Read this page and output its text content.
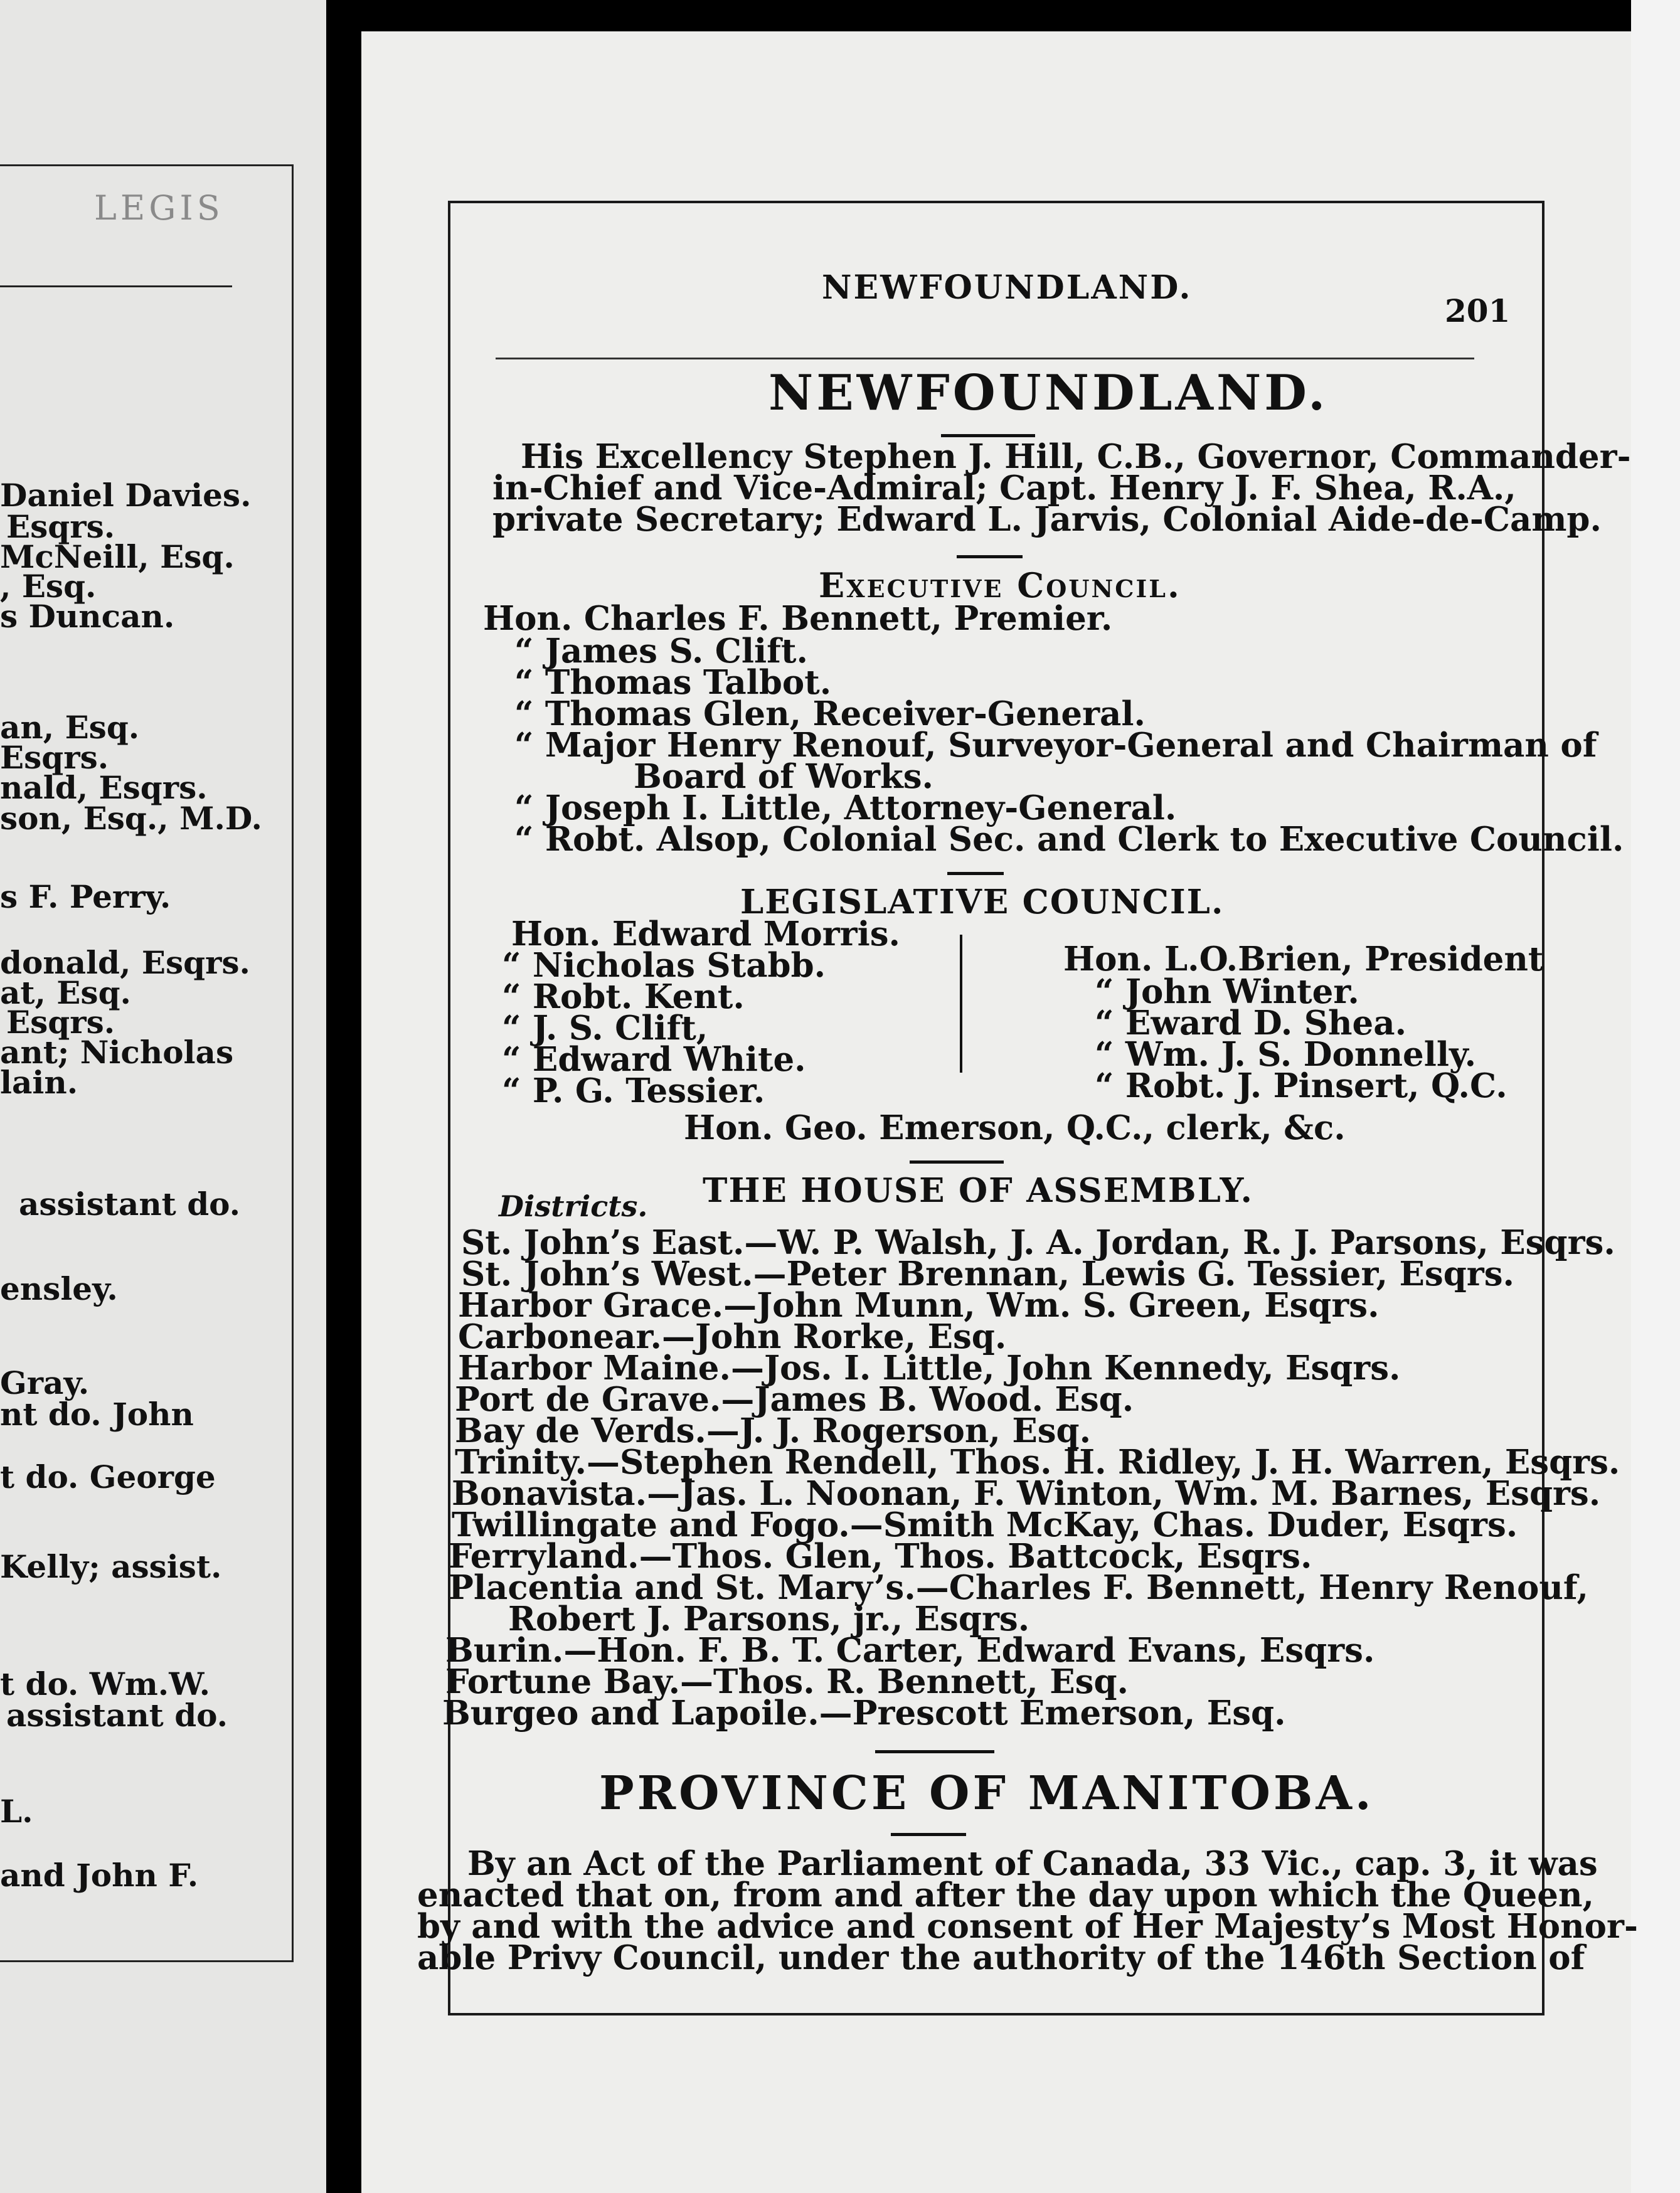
LEGIS
Daniel Davies.
Esqrs.
McNeill, Esq.
, Esq.
s Duncan.
an, Esq.
Esqrs.
nald, Esqrs.
son, Esq., M.D.
s F. Perry.
donald, Esqrs.
at, Esq.
Esqrs.
ant; Nicholas
lain.
assistant do.
ensley.
Gray.
nt do. John
t do. George
Kelly; assist.
t do. Wm.W.
assistant do.
L.
and John F.
NEWFOUNDLAND.
201
NEWFOUNDLAND.
His Excellency Stephen J. Hill, C.B., Governor, Commander-
in-Chief and Vice-Admiral; Capt. Henry J. F. Shea, R.A.,
private Secretary; Edward L. Jarvis, Colonial Aide-de-Camp.
Executive Council.
Hon. Charles F. Bennett, Premier.
“ James S. Clift.
“ Thomas Talbot.
“ Thomas Glen, Receiver-General.
“ Major Henry Renouf, Surveyor-General and Chairman of
Board of Works.
“ Joseph I. Little, Attorney-General.
“ Robt. Alsop, Colonial Sec. and Clerk to Executive Council.
LEGISLATIVE COUNCIL.
Hon. Edward Morris.
“ Nicholas Stabb.
“ Robt. Kent.
“ J. S. Clift,
“ Edward White.
“ P. G. Tessier.
Hon. L.O.Brien, President
“ John Winter.
“ Eward D. Shea.
“ Wm. J. S. Donnelly.
“ Robt. J. Pinsert, Q.C.
Hon. Geo. Emerson, Q.C., clerk, &c.
THE HOUSE OF ASSEMBLY.
Districts.
St. John’s East.—W. P. Walsh, J. A. Jordan, R. J. Parsons, Esqrs.
St. John’s West.—Peter Brennan, Lewis G. Tessier, Esqrs.
Harbor Grace.—John Munn, Wm. S. Green, Esqrs.
Carbonear.—John Rorke, Esq.
Harbor Maine.—Jos. I. Little, John Kennedy, Esqrs.
Port de Grave.—James B. Wood. Esq.
Bay de Verds.—J. J. Rogerson, Esq.
Trinity.—Stephen Rendell, Thos. H. Ridley, J. H. Warren, Esqrs.
Bonavista.—Jas. L. Noonan, F. Winton, Wm. M. Barnes, Esqrs.
Twillingate and Fogo.—Smith McKay, Chas. Duder, Esqrs.
Ferryland.—Thos. Glen, Thos. Battcock, Esqrs.
Placentia and St. Mary’s.—Charles F. Bennett, Henry Renouf,
Robert J. Parsons, jr., Esqrs.
Burin.—Hon. F. B. T. Carter, Edward Evans, Esqrs.
Fortune Bay.—Thos. R. Bennett, Esq.
Burgeo and Lapoile.—Prescott Emerson, Esq.
PROVINCE OF MANITOBA.
By an Act of the Parliament of Canada, 33 Vic., cap. 3, it was
enacted that on, from and after the day upon which the Queen,
by and with the advice and consent of Her Majesty’s Most Honor-
able Privy Council, under the authority of the 146th Section of
